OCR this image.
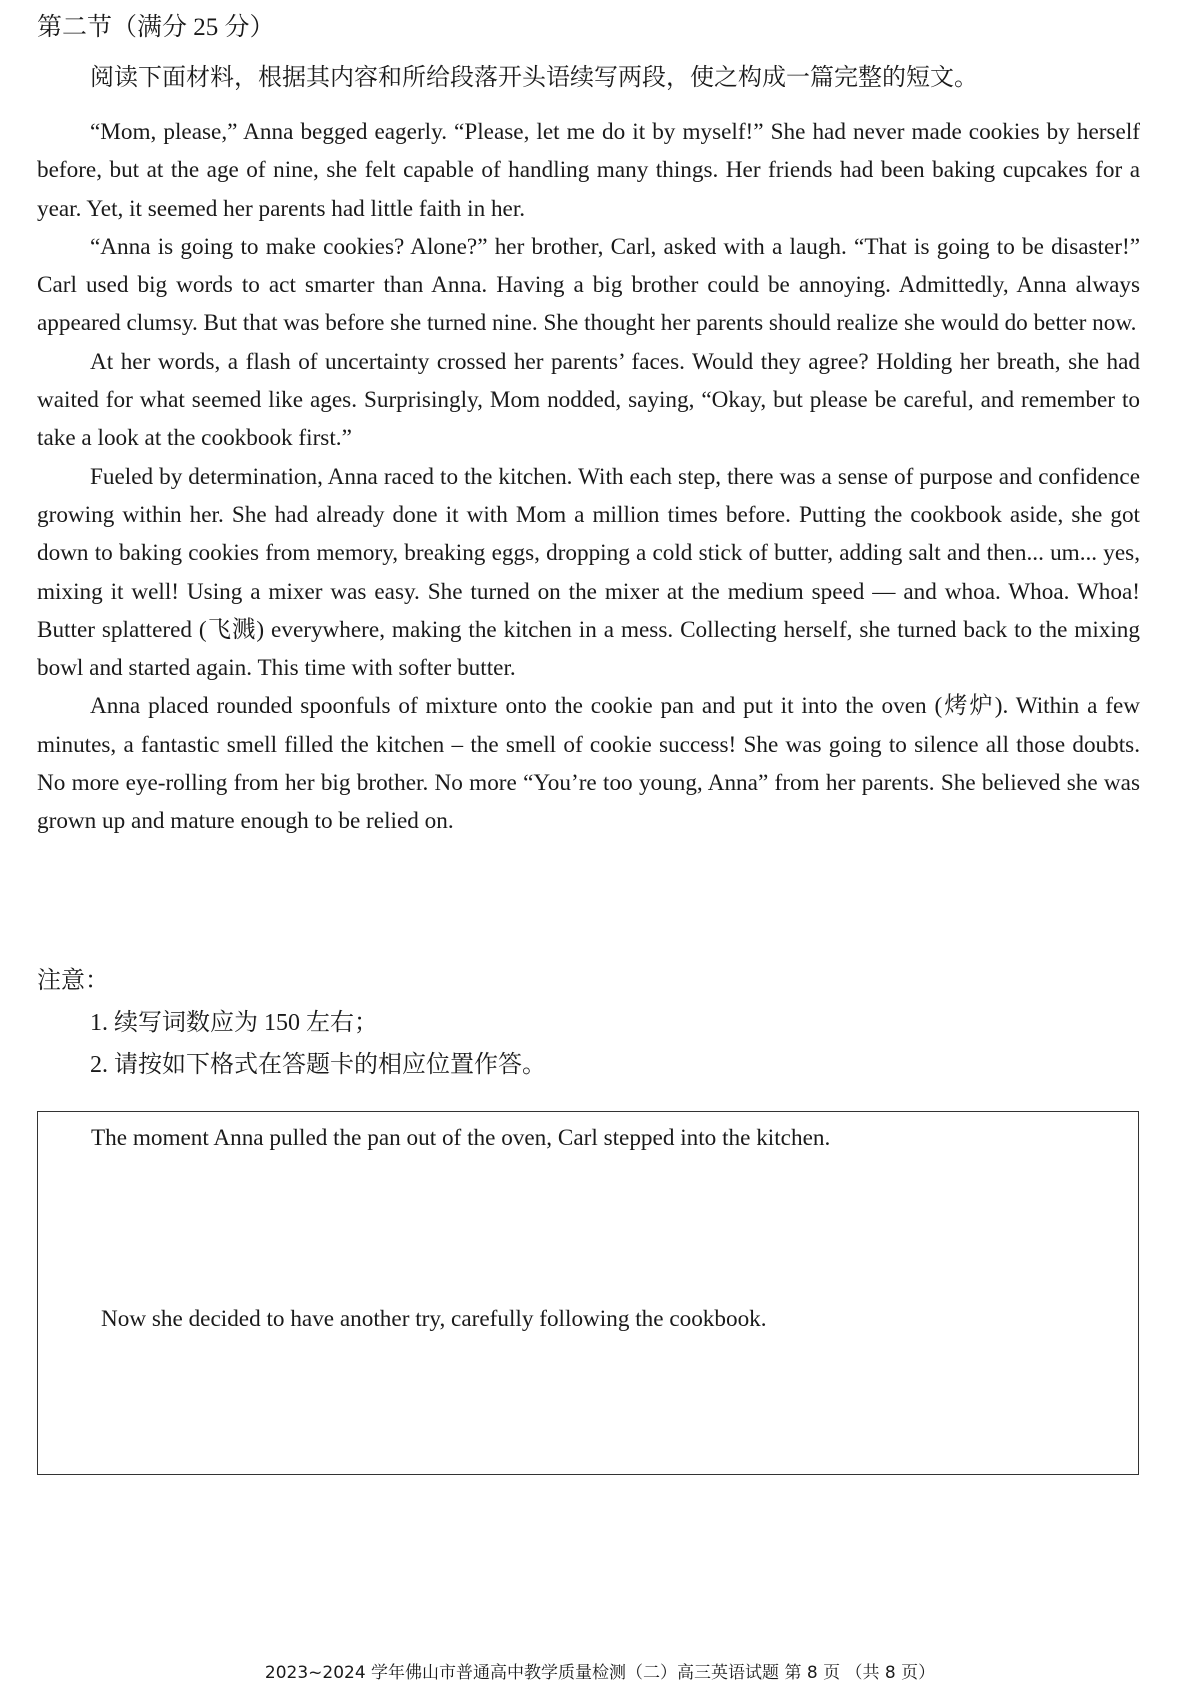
第二节（满分 25 分）
阅读下面材料，根据其内容和所给段落开头语续写两段，使之构成一篇完整的短文。

“Mom, please,” Anna begged eagerly. “Please, let me do it by myself!” She had never made cookies by herself before, but at the age of nine, she felt capable of handling many things. Her friends had been baking cupcakes for a year. Yet, it seemed her parents had little faith in her.

“Anna is going to make cookies? Alone?” her brother, Carl, asked with a laugh. “That is going to be disaster!” Carl used big words to act smarter than Anna. Having a big brother could be annoying. Admittedly, Anna always appeared clumsy. But that was before she turned nine. She thought her parents should realize she would do better now.

At her words, a flash of uncertainty crossed her parents’ faces. Would they agree? Holding her breath, she had waited for what seemed like ages. Surprisingly, Mom nodded, saying, “Okay, but please be careful, and remember to take a look at the cookbook first.”

Fueled by determination, Anna raced to the kitchen. With each step, there was a sense of purpose and confidence growing within her. She had already done it with Mom a million times before. Putting the cookbook aside, she got down to baking cookies from memory, breaking eggs, dropping a cold stick of butter, adding salt and then... um... yes, mixing it well! Using a mixer was easy. She turned on the mixer at the medium speed — and whoa. Whoa. Whoa! Butter splattered (飞溅) everywhere, making the kitchen in a mess. Collecting herself, she turned back to the mixing bowl and started again. This time with softer butter.

Anna placed rounded spoonfuls of mixture onto the cookie pan and put it into the oven (烤炉). Within a few minutes, a fantastic smell filled the kitchen – the smell of cookie success! She was going to silence all those doubts. No more eye-rolling from her big brother. No more “You’re too young, Anna” from her parents. She believed she was grown up and mature enough to be relied on.

注意：
1. 续写词数应为 150 左右；
2. 请按如下格式在答题卡的相应位置作答。
The moment Anna pulled the pan out of the oven, Carl stepped into the kitchen.
Now she decided to have another try, carefully following the cookbook.
2023~2024 学年佛山市普通高中教学质量检测（二）高三英语试题 第 8 页 （共 8 页）
